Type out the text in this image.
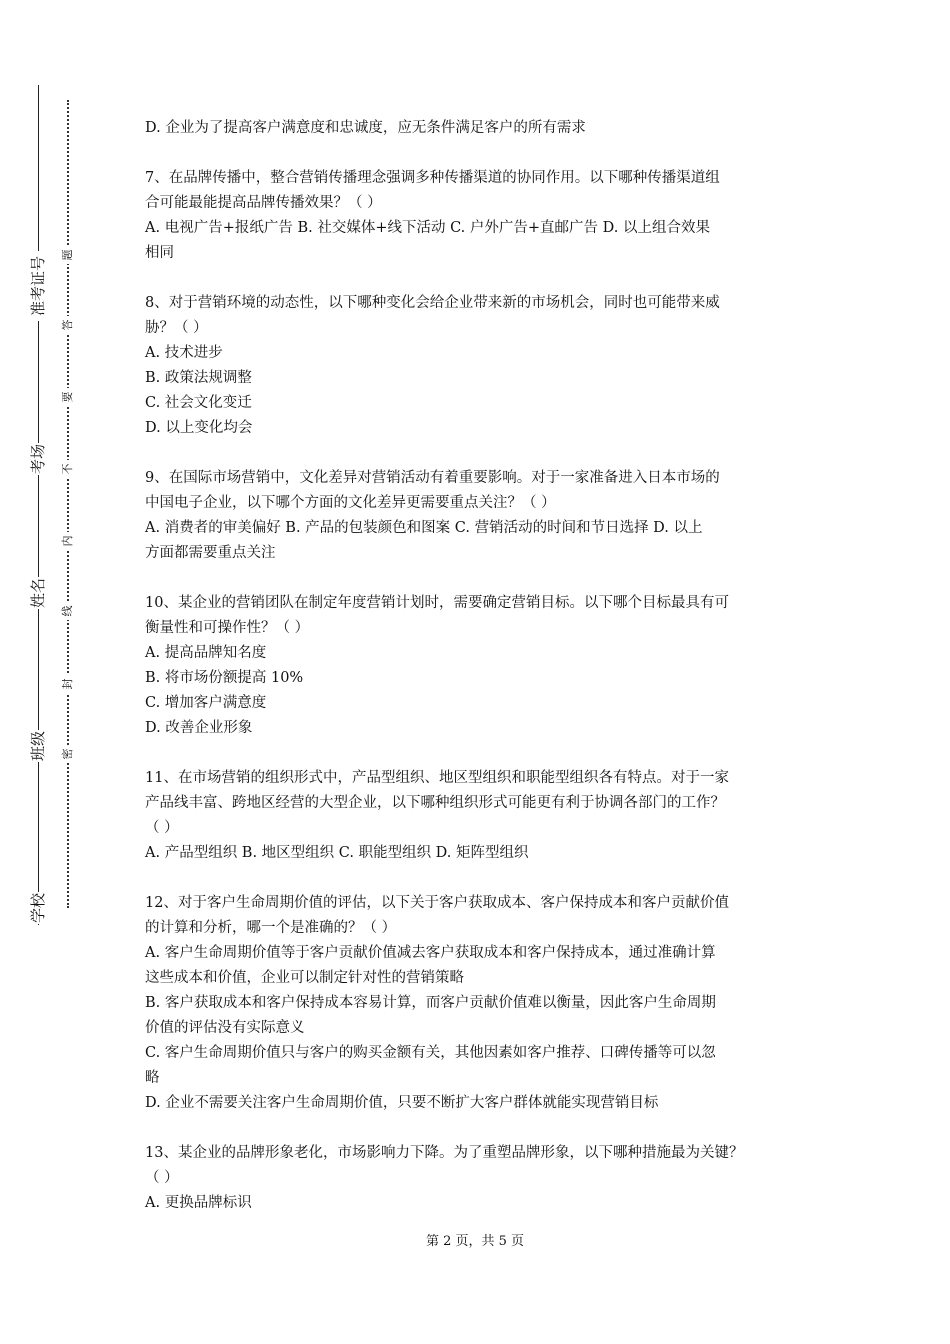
准考证号
考场
姓名
班级
学校
题
答
要
不
内
线
封
密

D. 企业为了提高客户满意度和忠诚度，应无条件满足客户的所有需求

7、在品牌传播中，整合营销传播理念强调多种传播渠道的协同作用。以下哪种传播渠道组

合可能最能提高品牌传播效果？（ ）

A. 电视广告+报纸广告 B. 社交媒体+线下活动 C. 户外广告+直邮广告 D. 以上组合效果

相同

8、对于营销环境的动态性，以下哪种变化会给企业带来新的市场机会，同时也可能带来威

胁？（ ）

A. 技术进步

B. 政策法规调整

C. 社会文化变迁

D. 以上变化均会

9、在国际市场营销中，文化差异对营销活动有着重要影响。对于一家准备进入日本市场的

中国电子企业，以下哪个方面的文化差异更需要重点关注？（ ）

A. 消费者的审美偏好 B. 产品的包装颜色和图案 C. 营销活动的时间和节日选择 D. 以上

方面都需要重点关注

10、某企业的营销团队在制定年度营销计划时，需要确定营销目标。以下哪个目标最具有可

衡量性和可操作性？（ ）

A. 提高品牌知名度

B. 将市场份额提高 10%

C. 增加客户满意度

D. 改善企业形象

11、在市场营销的组织形式中，产品型组织、地区型组织和职能型组织各有特点。对于一家

产品线丰富、跨地区经营的大型企业，以下哪种组织形式可能更有利于协调各部门的工作？

（ ）

A. 产品型组织 B. 地区型组织 C. 职能型组织 D. 矩阵型组织

12、对于客户生命周期价值的评估，以下关于客户获取成本、客户保持成本和客户贡献价值

的计算和分析，哪一个是准确的？（ ）

A. 客户生命周期价值等于客户贡献价值减去客户获取成本和客户保持成本，通过准确计算

这些成本和价值，企业可以制定针对性的营销策略

B. 客户获取成本和客户保持成本容易计算，而客户贡献价值难以衡量，因此客户生命周期

价值的评估没有实际意义

C. 客户生命周期价值只与客户的购买金额有关，其他因素如客户推荐、口碑传播等可以忽

略

D. 企业不需要关注客户生命周期价值，只要不断扩大客户群体就能实现营销目标

13、某企业的品牌形象老化，市场影响力下降。为了重塑品牌形象，以下哪种措施最为关键？

（ ）

A. 更换品牌标识

第 2 页，共 5 页
